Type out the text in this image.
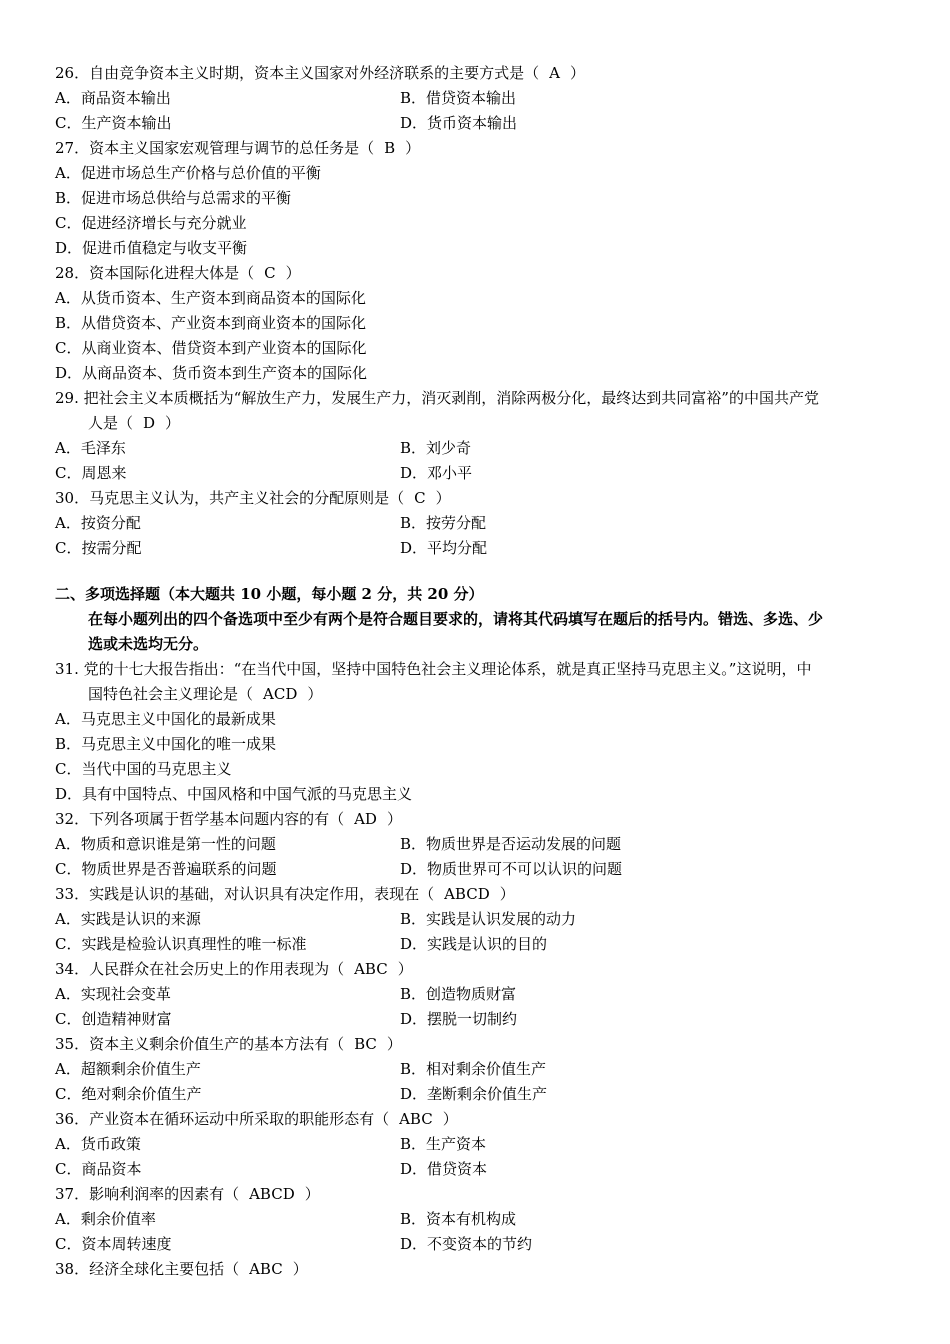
26．自由竞争资本主义时期，资本主义国家对外经济联系的主要方式是（ A ）
A．商品资本输出	B．借贷资本输出
C．生产资本输出	D．货币资本输出
27．资本主义国家宏观管理与调节的总任务是（ B ）
A．促进市场总生产价格与总价值的平衡
B．促进市场总供给与总需求的平衡
C．促进经济增长与充分就业
D．促进币值稳定与收支平衡
28．资本国际化进程大体是（ C ）
A．从货币资本、生产资本到商品资本的国际化
B．从借贷资本、产业资本到商业资本的国际化
C．从商业资本、借贷资本到产业资本的国际化
D．从商品资本、货币资本到生产资本的国际化
29. 把社会主义本质概括为“解放生产力，发展生产力，消灭剥削，消除两极分化，最终达到共同富裕”的中国共产党
人是（ D ）
A．毛泽东	B．刘少奇
C．周恩来	D．邓小平
30．马克思主义认为，共产主义社会的分配原则是（ C ）
A．按资分配	B．按劳分配
C．按需分配	D．平均分配
二、多项选择题（本大题共 10 小题，每小题 2 分，共 20 分）
在每小题列出的四个备选项中至少有两个是符合题目要求的，请将其代码填写在题后的括号内。错选、多选、少
选或未选均无分。
31. 党的十七大报告指出：“在当代中国，坚持中国特色社会主义理论体系，就是真正坚持马克思主义。”这说明，中
国特色社会主义理论是（ ACD ）
A．马克思主义中国化的最新成果
B．马克思主义中国化的唯一成果
C．当代中国的马克思主义
D．具有中国特点、中国风格和中国气派的马克思主义
32．下列各项属于哲学基本问题内容的有（ AD ）
A．物质和意识谁是第一性的问题	B．物质世界是否运动发展的问题
C．物质世界是否普遍联系的问题	D．物质世界可不可以认识的问题
33．实践是认识的基础，对认识具有决定作用，表现在（ ABCD ）
A．实践是认识的来源	B．实践是认识发展的动力
C．实践是检验认识真理性的唯一标准	D．实践是认识的目的
34．人民群众在社会历史上的作用表现为（ ABC ）
A．实现社会变革	B．创造物质财富
C．创造精神财富	D．摆脱一切制约
35．资本主义剩余价值生产的基本方法有（ BC ）
A．超额剩余价值生产	B．相对剩余价值生产
C．绝对剩余价值生产	D．垄断剩余价值生产
36．产业资本在循环运动中所采取的职能形态有（ ABC ）
A．货币政策	B．生产资本
C．商品资本	D．借贷资本
37．影响利润率的因素有（ ABCD ）
A．剩余价值率	B．资本有机构成
C．资本周转速度	D．不变资本的节约
38．经济全球化主要包括（ ABC ）
